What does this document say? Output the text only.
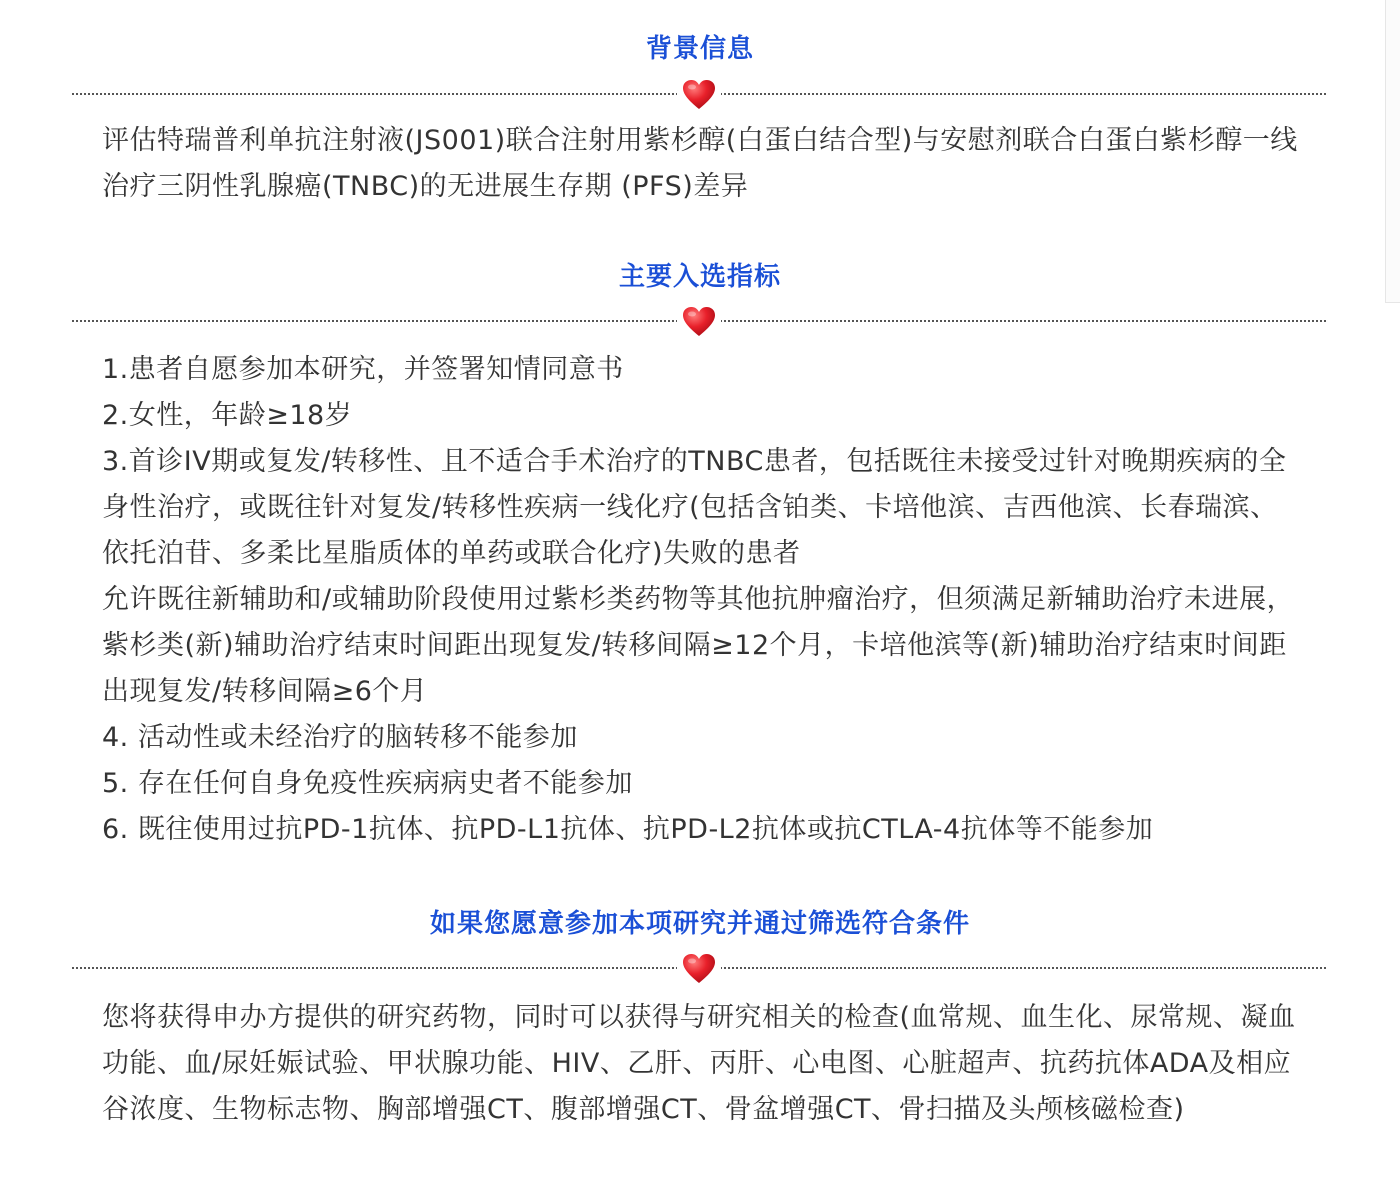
背景信息

评估特瑞普利单抗注射液(JS001)联合注射用紫杉醇(白蛋白结合型)与安慰剂联合白蛋白紫杉醇一线治疗三阴性乳腺癌(TNBC)的无进展生存期 (PFS)差异

主要入选指标

1.患者自愿参加本研究，并签署知情同意书

2.女性，年龄≥18岁

3.首诊IV期或复发/转移性、且不适合手术治疗的TNBC患者，包括既往未接受过针对晚期疾病的全身性治疗，或既往针对复发/转移性疾病一线化疗(包括含铂类、卡培他滨、吉西他滨、长春瑞滨、依托泊苷、多柔比星脂质体的单药或联合化疗)失败的患者

允许既往新辅助和/或辅助阶段使用过紫杉类药物等其他抗肿瘤治疗，但须满足新辅助治疗未进展，紫杉类(新)辅助治疗结束时间距出现复发/转移间隔≥12个月，卡培他滨等(新)辅助治疗结束时间距出现复发/转移间隔≥6个月

4. 活动性或未经治疗的脑转移不能参加

5. 存在任何自身免疫性疾病病史者不能参加

6. 既往使用过抗PD-1抗体、抗PD-L1抗体、抗PD-L2抗体或抗CTLA-4抗体等不能参加

如果您愿意参加本项研究并通过筛选符合条件

您将获得申办方提供的研究药物，同时可以获得与研究相关的检查(血常规、血生化、尿常规、凝血功能、血/尿妊娠试验、甲状腺功能、HIV、乙肝、丙肝、心电图、心脏超声、抗药抗体ADA及相应谷浓度、生物标志物、胸部增强CT、腹部增强CT、骨盆增强CT、骨扫描及头颅核磁检查)
